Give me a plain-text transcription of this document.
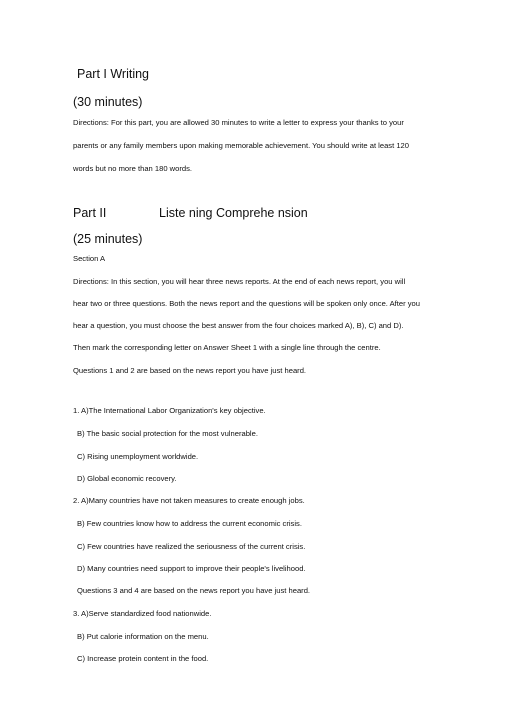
Part I Writing
(30 minutes)
Directions: For this part, you are allowed 30 minutes to write a letter to express your thanks to your
parents or any family members upon making memorable achievement. You should write at least 120
words but no more than 180 words.
Part II	Liste ning Comprehe nsion
(25 minutes)
Section A
Directions: In this section, you will hear three news reports. At the end of each news report, you will
hear two or three questions. Both the news report and the questions will be spoken only once. After you
hear a question, you must choose the best answer from the four choices marked A), B), C) and D).
Then mark the corresponding letter on Answer Sheet 1 with a single line through the centre.
Questions 1 and 2 are based on the news report you have just heard.
1. A)The International Labor Organization's key objective.
B) The basic social protection for the most vulnerable.
C) Rising unemployment worldwide.
D) Global economic recovery.
2. A)Many countries have not taken measures to create enough jobs.
B) Few countries know how to address the current economic crisis.
C) Few countries have realized the seriousness of the current crisis.
D) Many countries need support to improve their people's livelihood.
Questions 3 and 4 are based on the news report you have just heard.
3. A)Serve standardized food nationwide.
B) Put calorie information on the menu.
C) Increase protein content in the food.
